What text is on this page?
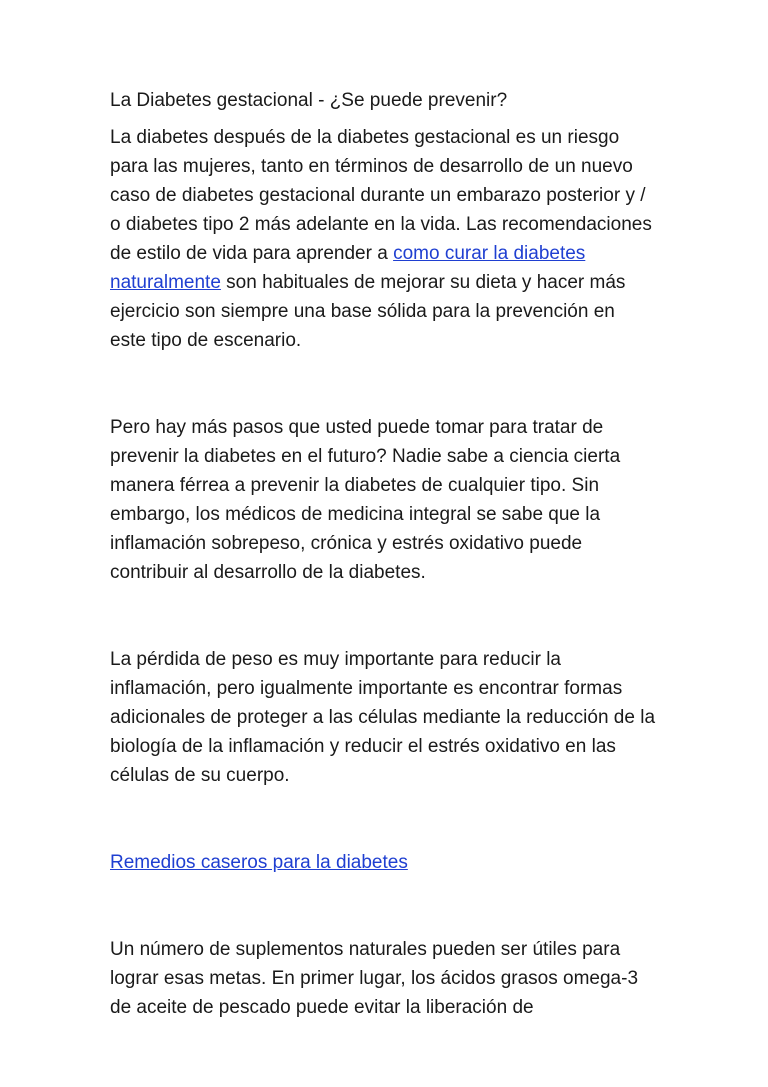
La Diabetes gestacional - ¿Se puede prevenir?

La diabetes después de la diabetes gestacional es un riesgo para las mujeres, tanto en términos de desarrollo de un nuevo caso de diabetes gestacional durante un embarazo posterior y / o diabetes tipo 2 más adelante en la vida. Las recomendaciones de estilo de vida para aprender a como curar la diabetes naturalmente son habituales de mejorar su dieta y hacer más ejercicio son siempre una base sólida para la prevención en este tipo de escenario.

Pero hay más pasos que usted puede tomar para tratar de prevenir la diabetes en el futuro? Nadie sabe a ciencia cierta manera férrea a prevenir la diabetes de cualquier tipo. Sin embargo, los médicos de medicina integral se sabe que la inflamación sobrepeso, crónica y estrés oxidativo puede contribuir al desarrollo de la diabetes.

La pérdida de peso es muy importante para reducir la inflamación, pero igualmente importante es encontrar formas adicionales de proteger a las células mediante la reducción de la biología de la inflamación y reducir el estrés oxidativo en las células de su cuerpo.

Remedios caseros para la diabetes

Un número de suplementos naturales pueden ser útiles para lograr esas metas. En primer lugar, los ácidos grasos omega-3 de aceite de pescado puede evitar la liberación de
